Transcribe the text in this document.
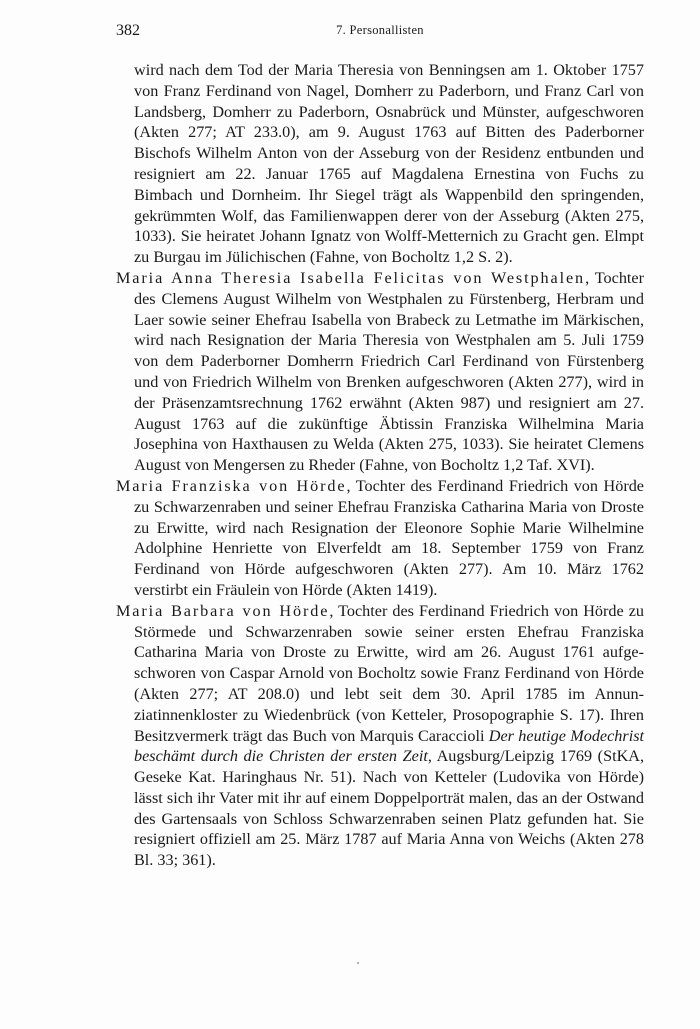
382	7. Personallisten

wird nach dem Tod der Maria Theresia von Benningsen am 1. Oktober 1757 von Franz Ferdinand von Nagel, Domherr zu Paderborn, und Franz Carl von Landsberg, Domherr zu Paderborn, Osnabrück und Münster, aufgeschworen (Akten 277; AT 233.0), am 9. August 1763 auf Bitten des Paderborner Bischofs Wilhelm Anton von der Asseburg von der Residenz entbunden und resigniert am 22. Januar 1765 auf Magdalena Ernestina von Fuchs zu Bimbach und Dornheim. Ihr Siegel trägt als Wappenbild den springenden, gekrümmten Wolf, das Familienwappen derer von der Asseburg (Akten 275, 1033). Sie heiratet Johann Ignatz von Wolff-Metternich zu Gracht gen. Elmpt zu Burgau im Jülichischen (Fahne, von Bocholtz 1,2 S. 2).

Maria Anna Theresia Isabella Felicitas von Westphalen, Tochter des Clemens August Wilhelm von Westphalen zu Fürstenberg, Herbram und Laer sowie seiner Ehefrau Isabella von Brabeck zu Letmathe im Märkischen, wird nach Resignation der Maria Theresia von Westphalen am 5. Juli 1759 von dem Paderborner Domherrn Friedrich Carl Ferdinand von Fürstenberg und von Friedrich Wilhelm von Brenken aufgeschworen (Akten 277), wird in der Präsenzamtsrechnung 1762 erwähnt (Akten 987) und resigniert am 27. August 1763 auf die zukünftige Äbtissin Franziska Wilhelmina Maria Josephina von Haxthausen zu Welda (Akten 275, 1033). Sie heiratet Clemens August von Mengersen zu Rheder (Fahne, von Bocholtz 1,2 Taf. XVI).

Maria Franziska von Hörde, Tochter des Ferdinand Friedrich von Hörde zu Schwarzenraben und seiner Ehefrau Franziska Catharina Maria von Droste zu Erwitte, wird nach Resignation der Eleonore Sophie Marie Wilhelmine Adolphine Henriette von Elverfeldt am 18. September 1759 von Franz Ferdinand von Hörde aufgeschworen (Akten 277). Am 10. März 1762 verstirbt ein Fräulein von Hörde (Akten 1419).

Maria Barbara von Hörde, Tochter des Ferdinand Friedrich von Hörde zu Störmede und Schwarzenraben sowie seiner ersten Ehefrau Franziska Catharina Maria von Droste zu Erwitte, wird am 26. August 1761 aufgeschworen von Caspar Arnold von Bocholtz sowie Franz Ferdinand von Hörde (Akten 277; AT 208.0) und lebt seit dem 30. April 1785 im Annunziatinnenkloster zu Wiedenbrück (von Ketteler, Prosopographie S. 17). Ihren Besitzvermerk trägt das Buch von Marquis Caraccioli Der heutige Modechrist beschämt durch die Christen der ersten Zeit, Augsburg/Leipzig 1769 (StKA, Geseke Kat. Haringhaus Nr. 51). Nach von Ketteler (Ludovika von Hörde) lässt sich ihr Vater mit ihr auf einem Doppelporträt malen, das an der Ostwand des Gartensaals von Schloss Schwarzenraben seinen Platz gefunden hat. Sie resigniert offiziell am 25. März 1787 auf Maria Anna von Weichs (Akten 278 Bl. 33; 361).
